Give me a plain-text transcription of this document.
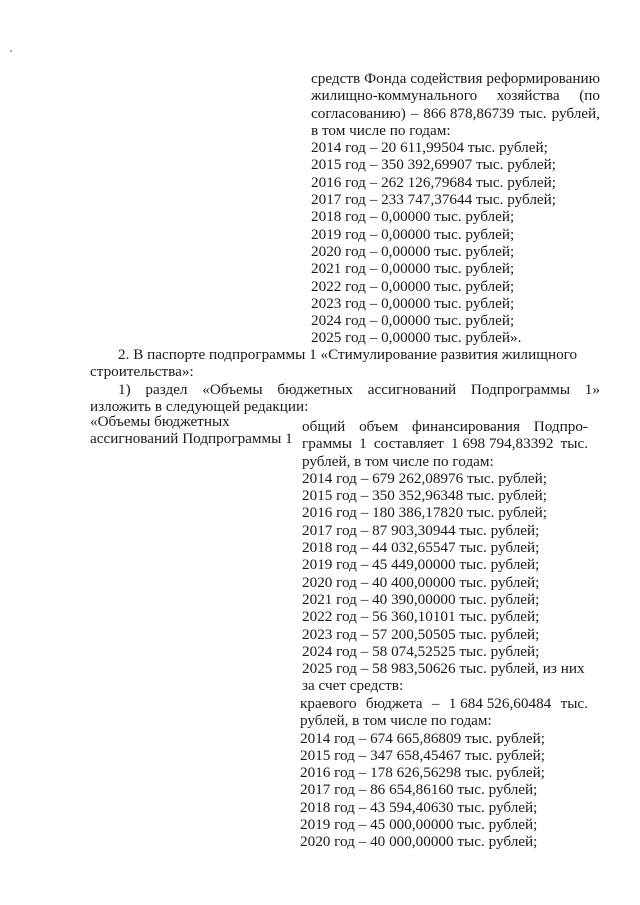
средств Фонда содействия реформированию
жилищно-коммунального хозяйства (по
согласованию) – 866 878,86739 тыс. рублей,
в том числе по годам:
2014 год – 20 611,99504 тыс. рублей;
2015 год – 350 392,69907 тыс. рублей;
2016 год – 262 126,79684 тыс. рублей;
2017 год – 233 747,37644 тыс. рублей;
2018 год – 0,00000 тыс. рублей;
2019 год – 0,00000 тыс. рублей;
2020 год – 0,00000 тыс. рублей;
2021 год – 0,00000 тыс. рублей;
2022 год – 0,00000 тыс. рублей;
2023 год – 0,00000 тыс. рублей;
2024 год – 0,00000 тыс. рублей;
2025 год – 0,00000 тыс. рублей».
2. В паспорте подпрограммы 1 «Стимулирование развития жилищного
строительства»:
1) раздел «Объемы бюджетных ассигнований Подпрограммы 1»
изложить в следующей редакции:
«Объемы бюджетных
ассигнований Подпрограммы 1
общий объем финансирования Подпро-
граммы 1 составляет 1 698 794,83392 тыс.
рублей, в том числе по годам:
2014 год – 679 262,08976 тыс. рублей;
2015 год – 350 352,96348 тыс. рублей;
2016 год – 180 386,17820 тыс. рублей;
2017 год – 87 903,30944 тыс. рублей;
2018 год – 44 032,65547 тыс. рублей;
2019 год – 45 449,00000 тыс. рублей;
2020 год – 40 400,00000 тыс. рублей;
2021 год – 40 390,00000 тыс. рублей;
2022 год – 56 360,10101 тыс. рублей;
2023 год – 57 200,50505 тыс. рублей;
2024 год – 58 074,52525 тыс. рублей;
2025 год – 58 983,50626 тыс. рублей, из них
за счет средств:
краевого бюджета – 1 684 526,60484 тыс.
рублей, в том числе по годам:
2014 год – 674 665,86809 тыс. рублей;
2015 год – 347 658,45467 тыс. рублей;
2016 год – 178 626,56298 тыс. рублей;
2017 год – 86 654,86160 тыс. рублей;
2018 год – 43 594,40630 тыс. рублей;
2019 год – 45 000,00000 тыс. рублей;
2020 год – 40 000,00000 тыс. рублей;
